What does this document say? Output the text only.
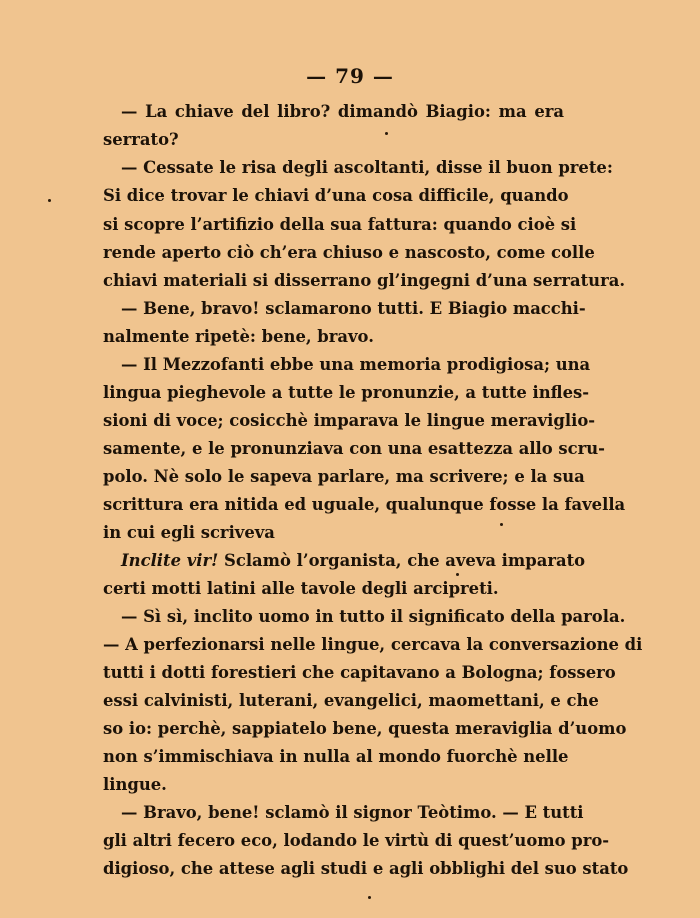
— 79 —
— La chiave del libro? dimandò Biagio: ma era
serrato?
— Cessate le risa degli ascoltanti, disse il buon prete:
Si dice trovar le chiavi d’una cosa difficile, quando
si scopre l’artifizio della sua fattura: quando cioè si
rende aperto ciò ch’era chiuso e nascosto, come colle
chiavi materiali si disserrano gl’ingegni d’una serratura.
— Bene, bravo! sclamarono tutti. E Biagio macchi-
nalmente ripetè: bene, bravo.
— Il Mezzofanti ebbe una memoria prodigiosa; una
lingua pieghevole a tutte le pronunzie, a tutte infles-
sioni di voce; cosicchè imparava le lingue meraviglio-
samente, e le pronunziava con una esattezza allo scru-
polo. Nè solo le sapeva parlare, ma scrivere; e la sua
scrittura era nitida ed uguale, qualunque fosse la favella
in cui egli scriveva
Inclite vir! Sclamò l’organista, che aveva imparato
certi motti latini alle tavole degli arcipreti.
— Sì sì, inclito uomo in tutto il significato della parola.
— A perfezionarsi nelle lingue, cercava la conversazione di
tutti i dotti forestieri che capitavano a Bologna; fossero
essi calvinisti, luterani, evangelici, maomettani, e che
so io: perchè, sappiatelo bene, questa meraviglia d’uomo
non s’immischiava in nulla al mondo fuorchè nelle
lingue.
— Bravo, bene! sclamò il signor Teòtimo. — E tutti
gli altri fecero eco, lodando le virtù di quest’uomo pro-
digioso, che attese agli studi e agli obblighi del suo stato
